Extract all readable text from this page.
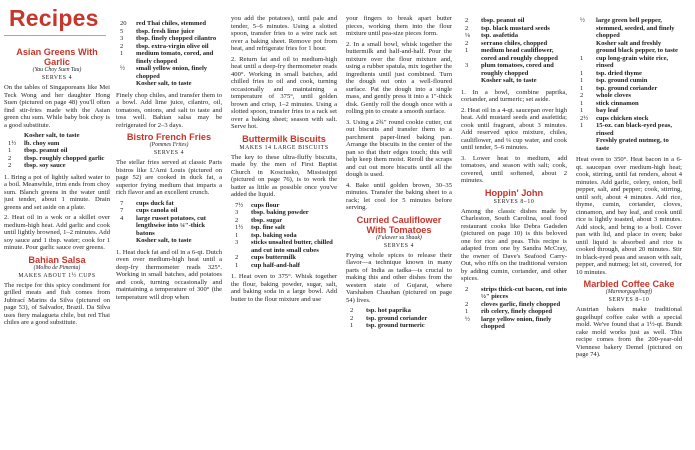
Recipes
Asian Greens With Garlic
(Yau Choy Suen Tau)
SERVES 4

On the tables of Singaporeans like Mei Teck Wong and her daughter Hong Suen (pictured on page 48) you'll often find stir-fries made with the Asian green chu sum. While baby bok choy is a good substitute.

Kosher salt, to taste
1½	lb. choy sum
1	tbsp. peanut oil
2	tbsp. roughly chopped garlic
2	tbsp. soy sauce

1. Bring a pot of lightly salted water to a boil. Meanwhile, trim ends from choy sum. Blanch greens in the water until just tender, about 1 minute. Drain greens and set aside on a plate.

2. Heat oil in a wok or a skillet over medium-high heat. Add garlic and cook until lightly browned, 1–2 minutes. Add soy sauce and 1 tbsp. water; cook for 1 minute. Pour garlic sauce over greens.

Bahian Salsa
(Molho de Pimenta)
MAKES ABOUT 1½ CUPS

The recipe for this spicy condiment for grilled meats and fish comes from Jubirací Marins da Silva (pictured on page 53), of Salvador, Brazil. Da Silva uses fiery malagueta chile, but red Thai chiles are a good substitute.

20	red Thai chiles, stemmed
5	tbsp. fresh lime juice
3	tbsp. finely chopped cilantro
2	tbsp. extra-virgin olive oil
1	medium tomato, cored, and finely chopped
½	small yellow onion, finely chopped
Kosher salt, to taste

Finely chop chiles, and transfer them to a bowl. Add lime juice, cilantro, oil, tomatoes, onions, and salt to taste and toss well. Bahian salsa may be refrigerated for 2–3 days.

Bistro French Fries
(Pommes Frites)
SERVES 4

The stellar fries served at classic Paris bistros like L'Ami Louis (pictured on page 52) are cooked in duck fat, a superior frying medium that imparts a rich flavor and an excellent crunch.

7	cups duck fat
7	cups canola oil
4	large russet potatoes, cut lengthwise into ¼"-thick batons
Kosher salt, to taste

1. Heat duck fat and oil in a 6-qt. Dutch oven over medium-high heat until a deep-fry thermometer reads 325°. Working in small batches, add potatoes and cook, turning occasionally and maintaining a temperature of 300° (the temperature will drop when

you add the potatoes), until pale and tender, 5–6 minutes. Using a slotted spoon, transfer fries to a wire rack set over a baking sheet. Remove pot from heat, and refrigerate fries for 1 hour.

2. Return fat and oil to medium-high heat until a deep-fry thermometer reads 400°. Working in small batches, add chilled fries to oil and cook, turning occasionally and maintaining a temperature of 375°, until golden brown and crisp, 1–2 minutes. Using a slotted spoon, transfer fries to a rack set over a baking sheet; season with salt. Serve hot.

Buttermilk Biscuits
MAKES 14 LARGE BISCUITS

The key to these ultra-fluffy biscuits, made by the men of First Baptist Church in Kosciusko, Mississippi (pictured on page 76), is to work the batter as little as possible once you've added the liquid.

7½	cups flour
3	tbsp. baking powder
2	tbsp. sugar
1½	tsp. fine salt
1	tsp. baking soda
3	sticks unsalted butter, chilled and cut into small cubes
2	cups buttermilk
1	cup half-and-half

1. Heat oven to 375°. Whisk together the flour, baking powder, sugar, salt, and baking soda in a large bowl. Add butter to the flour mixture and use

your fingers to break apart butter pieces, working them into the flour mixture until pea-size pieces form.

2. In a small bowl, whisk together the buttermilk and half-and-half. Pour the mixture over the flour mixture and, using a rubber spatula, mix together the ingredients until just combined. Turn the dough out onto a well-floured surface. Pat the dough into a single mass, and gently press it into a 1"-thick disk. Gently roll the dough once with a rolling pin to create a smooth surface.

3. Using a 2¾" round cookie cutter, cut out biscuits and transfer them to a parchment paper-lined baking pan. Arrange the biscuits in the center of the pan so that their edges touch; this will help keep them moist. Reroll the scraps and cut out more biscuits until all the dough is used.

4. Bake until golden brown, 30–35 minutes. Transfer the baking sheet to a rack; let cool for 5 minutes before serving.

Curried Cauliflower With Tomatoes
(Fulawer su Shaak)
SERVES 4

Frying whole spices to release their flavor—a technique known in many parts of India as tadka—is crucial to making this and other dishes from the western state of Gujarat, where Varshaben Chauhan (pictured on page 54) lives.

2	tsp. hot paprika
2	tsp. ground coriander
1	tsp. ground turmeric
2	tbsp. peanut oil
2	tsp. black mustard seeds
⅛	tsp. asafetida
2	serrano chiles, chopped
1	medium head cauliflower, cored and roughly chopped
3	plum tomatoes, cored and roughly chopped
Kosher salt, to taste

1. In a bowl, combine paprika, coriander, and turmeric; set aside.

2. Heat oil in a 4-qt. saucepan over high heat. Add mustard seeds and asafetida; cook until fragrant, about 3 minutes. Add reserved spice mixture, chiles, cauliflower, and ¼ cup water, and cook until tender, 5–6 minutes.

3. Lower heat to medium, add tomatoes, and season with salt; cook, covered, until softened, about 2 minutes.

Hoppin' John
SERVES 8–10

Among the classic dishes made by Charleston, South Carolina, soul food restaurant cooks like Debra Gadsden (pictured on page 10) is this beloved one for rice and peas. This recipe is adapted from one by Sandra McCray, the owner of Dave's Seafood Carry-Out, who riffs on the traditional version by adding cumin, coriander, and other spices.

2	strips thick-cut bacon, cut into ½" pieces
2	cloves garlic, finely chopped
1	rib celery, finely chopped
½	large yellow onion, finely chopped
½	large green bell pepper, stemmed, seeded, and finely chopped
Kosher salt and freshly ground black pepper, to taste
1	cup long-grain white rice, rinsed
1	tsp. dried thyme
1	tsp. ground cumin
1	tsp. ground coriander
2	whole cloves
1	stick cinnamon
1	bay leaf
2½	cups chicken stock
1	15-oz. can black-eyed peas, rinsed
Freshly grated nutmeg, to taste

Heat oven to 350°. Heat bacon in a 6-qt. saucepan over medium-high heat; cook, stirring, until fat renders, about 4 minutes. Add garlic, celery, onion, bell pepper, salt, and pepper; cook, stirring, until soft, about 4 minutes. Add rice, thyme, cumin, coriander, cloves, cinnamon, and bay leaf, and cook until rice is lightly toasted, about 3 minutes. Add stock, and bring to a boil. Cover pan with lid, and place in oven; bake until liquid is absorbed and rice is cooked through, about 20 minutes. Stir in black-eyed peas and season with salt, pepper, and nutmeg; let sit, covered, for 10 minutes.

Marbled Coffee Cake
(Marmorgugelhupf)
SERVES 8–10

Austrian bakers make traditional gugelhupf coffee cake with a special mold. We've found that a 1½-qt. Bundt cake mold works just as well. This recipe comes from the 200-year-old Viennese bakery Demel (pictured on page 74).
